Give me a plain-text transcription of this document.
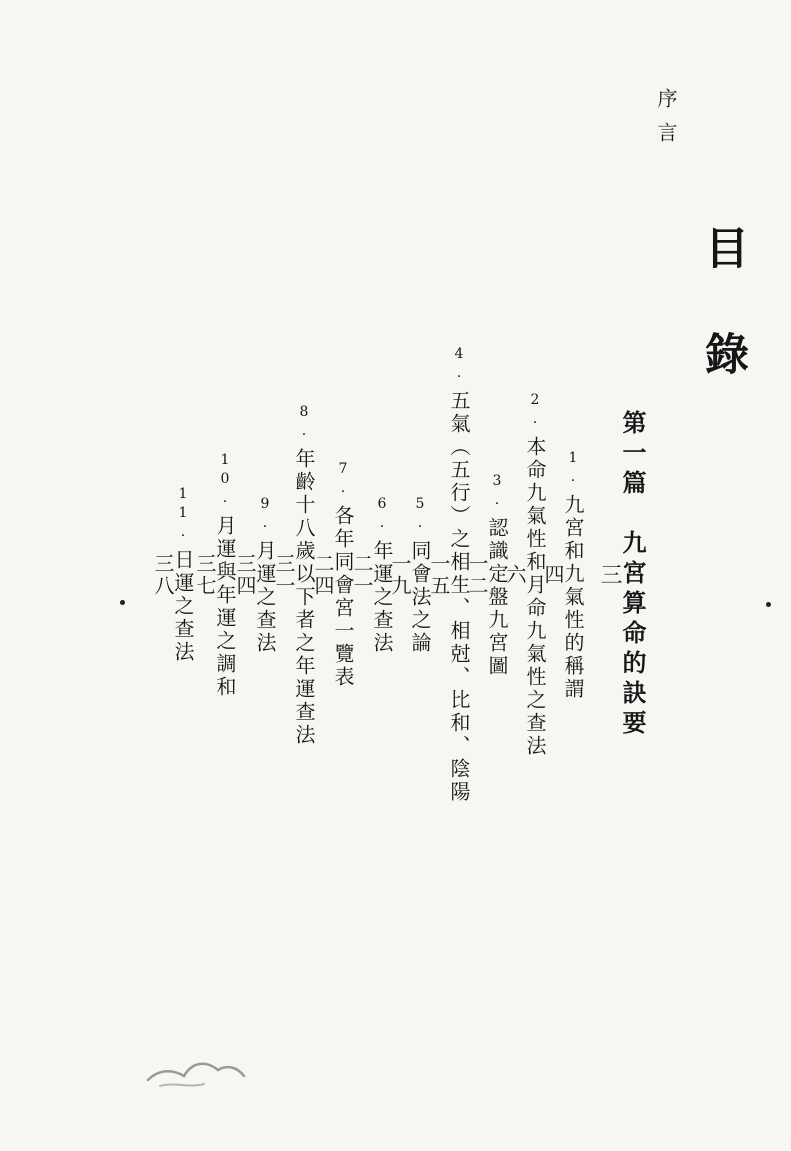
目錄
序言
第一篇　九宮算命的訣要
三
1.九宮和九氣性的稱謂
四
2.本命九氣性和月命九氣性之查法
六
3.認識定盤九宮圖
一二
4.五氣（五行）之相生、相尅、比和、陰陽
一五
5.同會法之論
一九
6.年運之查法
二一
7.各年同會宮一覽表
二四
8.年齡十八歲以下者之年運查法
三一
9.月運之查法
三四
10.月運與年運之調和
三七
11.日運之查法
三八
